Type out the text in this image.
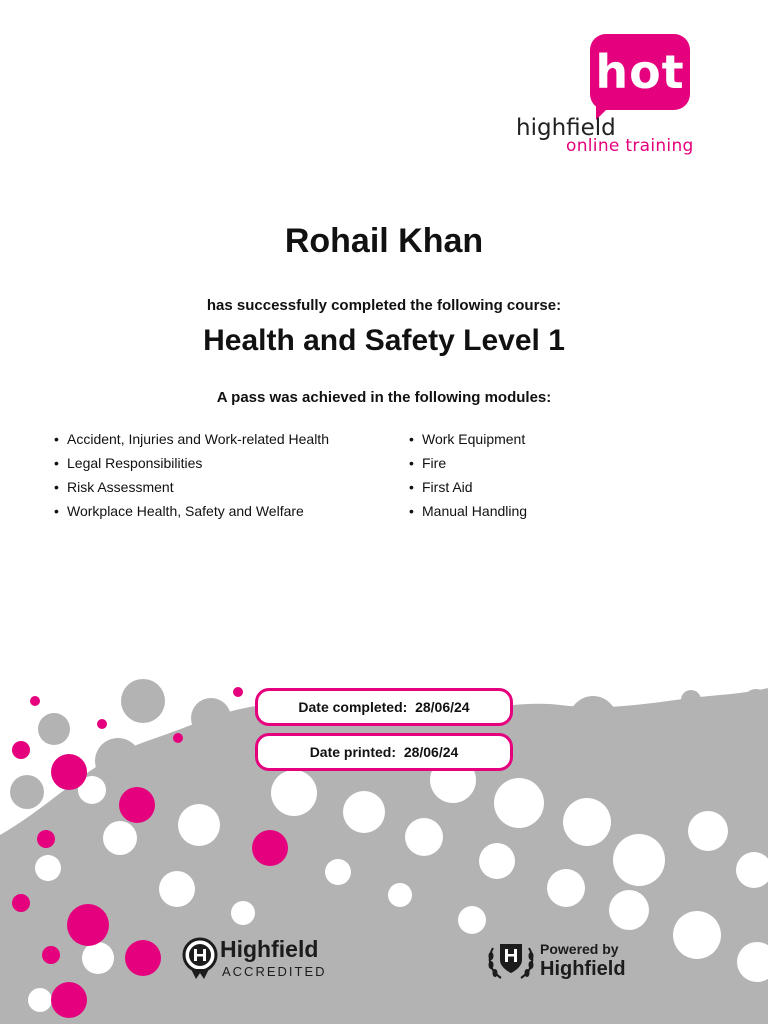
hot
highfield
online training
Rohail Khan
has successfully completed the following course:
Health and Safety Level 1
A pass was achieved in the following modules:
• Accident, Injuries and Work-related Health
• Legal Responsibilities
• Risk Assessment
• Workplace Health, Safety and Welfare
• Work Equipment
• Fire
• First Aid
• Manual Handling
Date completed: 28/06/24
Date printed: 28/06/24
Highfield
ACCREDITED
Powered by
Highfield
